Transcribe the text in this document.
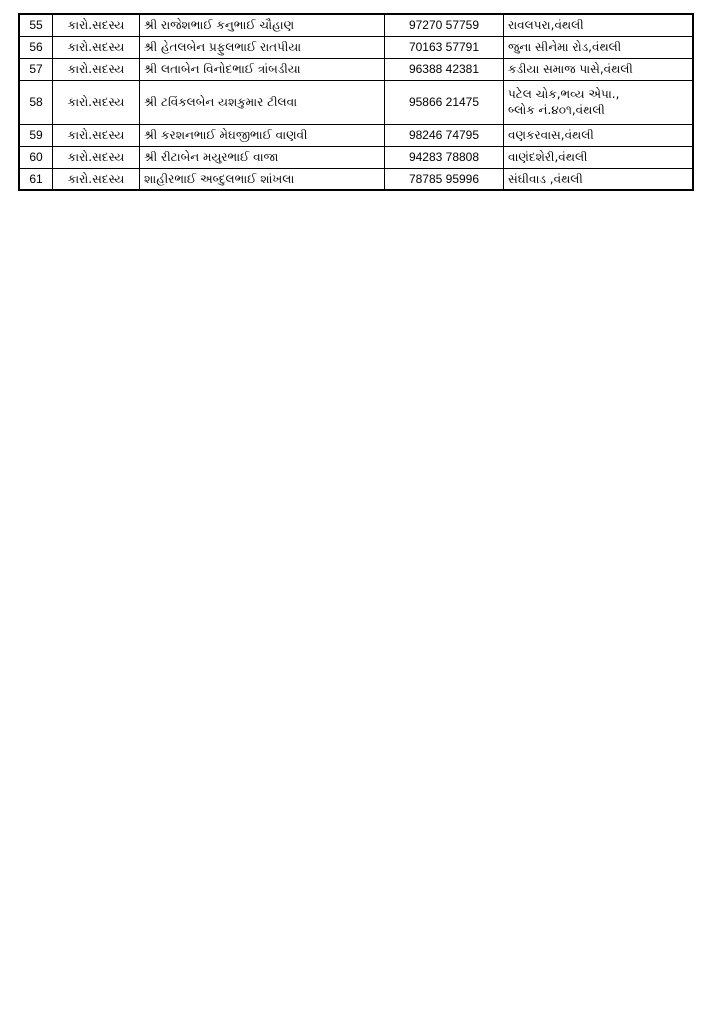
55	કારો.સદસ્ય	શ્રી રાજેશભાઈ કનુભાઈ ચૌહાણ	97270 57759	રાવલપરા,વંથલી

56	કારો.સદસ્ય	શ્રી હેતલબેન પ્રફુલભાઈ રાતપીયા	70163 57791	જુના સીનેમા રોડ,વંથલી

57	કારો.સદસ્ય	શ્રી લતાબેન વિનોદભાઈ ત્રાંબડીયા	96388 42381	કડીયા સમાજ પાસે,વંથલી

58	કારો.સદસ્ય	શ્રી ટવિંકલબેન યશકુમાર ટીલવા	95866 21475	પટેલ ચોક,ભવ્ય એપા.,
બ્લોક નં.૪૦૧,વંથલી

59	કારો.સદસ્ય	શ્રી કરશનભાઈ મેઘજીભાઈ વાણવી	98246 74795	વણકરવાસ,વંથલી

60	કારો.સદસ્ય	શ્રી રીટાબેન મયુરભાઈ વાજા	94283 78808	વાણંદશેરી,વંથલી

61	કારો.સદસ્ય	શાહીરભાઈ અબ્દુલભાઈ શાંખલા	78785 95996	સંઘીવાડ ,વંથલી
